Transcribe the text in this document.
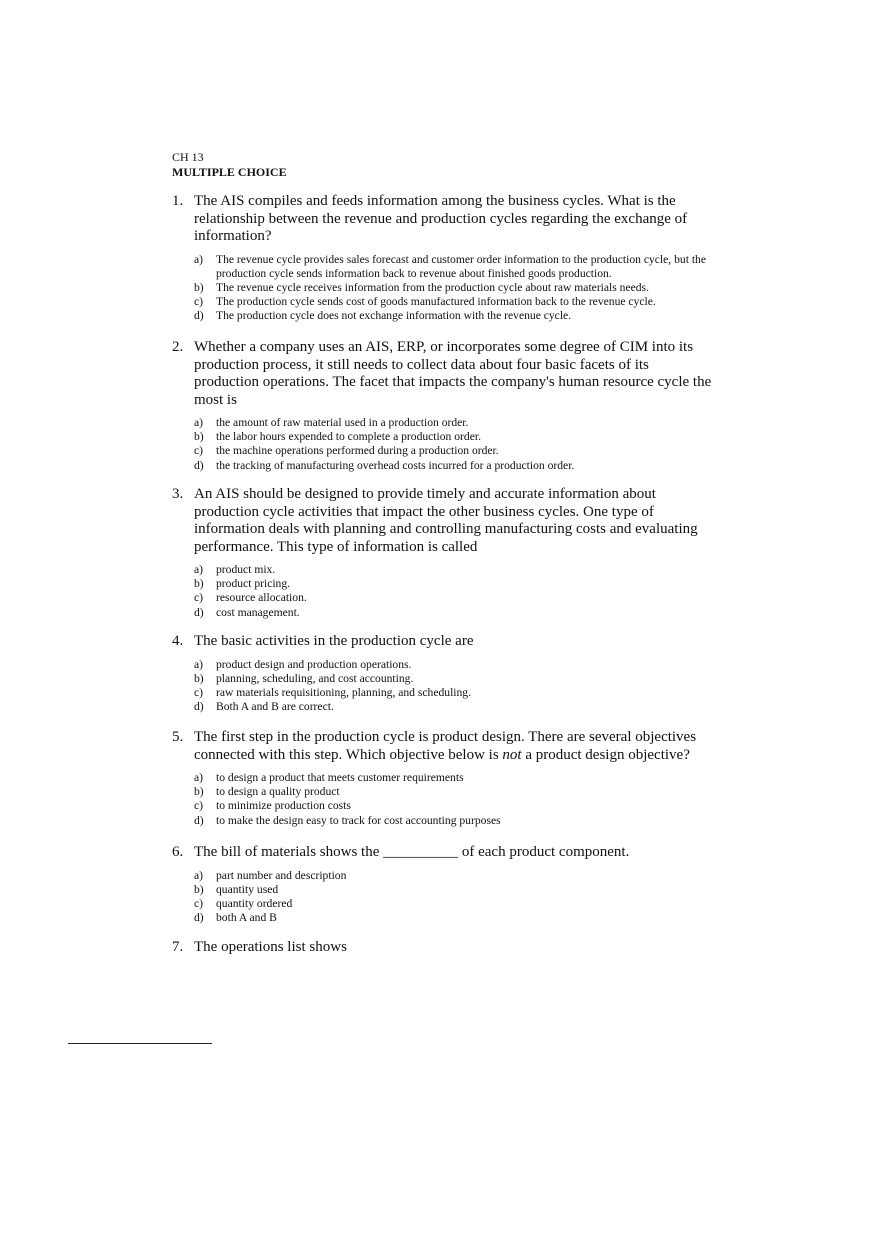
CH 13
MULTIPLE CHOICE
1. The AIS compiles and feeds information among the business cycles. What is the relationship between the revenue and production cycles regarding the exchange of information?
a) The revenue cycle provides sales forecast and customer order information to the production cycle, but the production cycle sends information back to revenue about finished goods production.
b) The revenue cycle receives information from the production cycle about raw materials needs.
c) The production cycle sends cost of goods manufactured information back to the revenue cycle.
d) The production cycle does not exchange information with the revenue cycle.
2. Whether a company uses an AIS, ERP, or incorporates some degree of CIM into its production process, it still needs to collect data about four basic facets of its production operations. The facet that impacts the company's human resource cycle the most is
a) the amount of raw material used in a production order.
b) the labor hours expended to complete a production order.
c) the machine operations performed during a production order.
d) the tracking of manufacturing overhead costs incurred for a production order.
3. An AIS should be designed to provide timely and accurate information about production cycle activities that impact the other business cycles. One type of information deals with planning and controlling manufacturing costs and evaluating performance. This type of information is called
a) product mix.
b) product pricing.
c) resource allocation.
d) cost management.
4. The basic activities in the production cycle are
a) product design and production operations.
b) planning, scheduling, and cost accounting.
c) raw materials requisitioning, planning, and scheduling.
d) Both A and B are correct.
5. The first step in the production cycle is product design. There are several objectives connected with this step. Which objective below is not a product design objective?
a) to design a product that meets customer requirements
b) to design a quality product
c) to minimize production costs
d) to make the design easy to track for cost accounting purposes
6. The bill of materials shows the __________ of each product component.
a) part number and description
b) quantity used
c) quantity ordered
d) both A and B
7. The operations list shows
